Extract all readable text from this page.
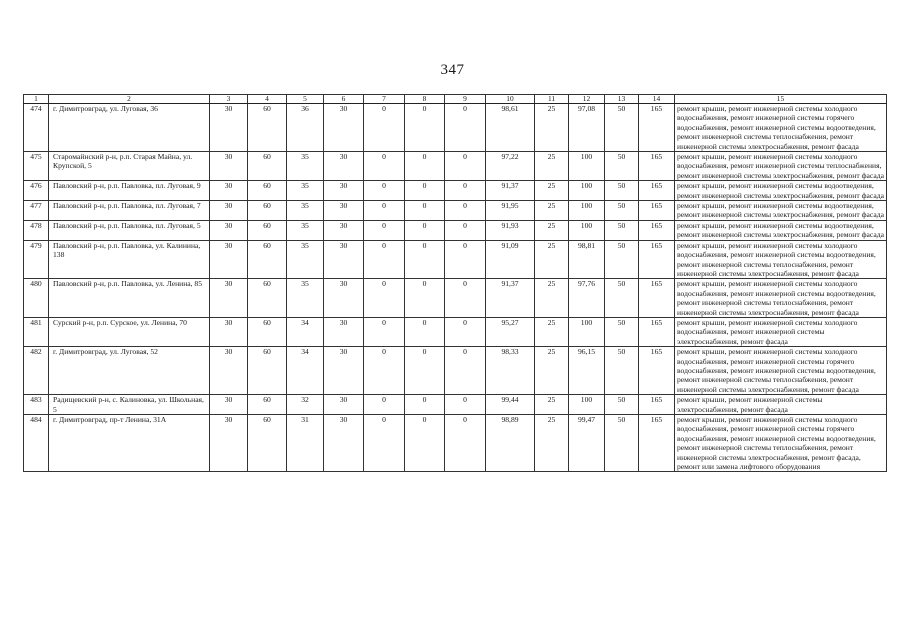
347
1	2	3	4	5	6	7	8	9	10	11	12	13	14	15
474	г. Димитровград, ул. Луговая, 36	30	60	36	30	0	0	0	98,61	25	97,08	50	165	ремонт крыши, ремонт инженерной системы холодного водоснабжения, ремонт инженерной системы горячего водоснабжения, ремонт инженерной системы водоотведения, ремонт инженерной системы теплоснабжения, ремонт инженерной системы электроснабжения, ремонт фасада
475	Старомайнский р-н, р.п. Старая Майна, ул. Крупской, 5	30	60	35	30	0	0	0	97,22	25	100	50	165	ремонт крыши, ремонт инженерной системы холодного водоснабжения, ремонт инженерной системы теплоснабжения, ремонт инженерной системы электроснабжения, ремонт фасада
476	Павловский р-н, р.п. Павловка, пл. Луговая, 9	30	60	35	30	0	0	0	91,37	25	100	50	165	ремонт крыши, ремонт инженерной системы водоотведения, ремонт инженерной системы электроснабжения, ремонт фасада
477	Павловский р-н, р.п. Павловка, пл. Луговая, 7	30	60	35	30	0	0	0	91,95	25	100	50	165	ремонт крыши, ремонт инженерной системы водоотведения, ремонт инженерной системы электроснабжения, ремонт фасада
478	Павловский р-н, р.п. Павловка, пл. Луговая, 5	30	60	35	30	0	0	0	91,93	25	100	50	165	ремонт крыши, ремонт инженерной системы водоотведения, ремонт инженерной системы электроснабжения, ремонт фасада
479	Павловский р-н, р.п. Павловка, ул. Калинина, 138	30	60	35	30	0	0	0	91,09	25	98,81	50	165	ремонт крыши, ремонт инженерной системы холодного водоснабжения, ремонт инженерной системы водоотведения, ремонт инженерной системы теплоснабжения, ремонт инженерной системы электроснабжения, ремонт фасада
480	Павловский р-н, р.п. Павловка, ул. Ленина, 85	30	60	35	30	0	0	0	91,37	25	97,76	50	165	ремонт крыши, ремонт инженерной системы холодного водоснабжения, ремонт инженерной системы водоотведения, ремонт инженерной системы теплоснабжения, ремонт инженерной системы электроснабжения, ремонт фасада
481	Сурский р-н, р.п. Сурское, ул. Ленина, 70	30	60	34	30	0	0	0	95,27	25	100	50	165	ремонт крыши, ремонт инженерной системы холодного водоснабжения, ремонт инженерной системы электроснабжения, ремонт фасада
482	г. Димитровград, ул. Луговая, 52	30	60	34	30	0	0	0	98,33	25	96,15	50	165	ремонт крыши, ремонт инженерной системы холодного водоснабжения, ремонт инженерной системы горячего водоснабжения, ремонт инженерной системы водоотведения, ремонт инженерной системы теплоснабжения, ремонт инженерной системы электроснабжения, ремонт фасада
483	Радищевский р-н, с. Калиновка, ул. Школьная, 5	30	60	32	30	0	0	0	99,44	25	100	50	165	ремонт крыши, ремонт инженерной системы электроснабжения, ремонт фасада
484	г. Димитровград, пр-т Ленина, 31А	30	60	31	30	0	0	0	98,89	25	99,47	50	165	ремонт крыши, ремонт инженерной системы холодного водоснабжения, ремонт инженерной системы горячего водоснабжения, ремонт инженерной системы водоотведения, ремонт инженерной системы теплоснабжения, ремонт инженерной системы электроснабжения, ремонт фасада, ремонт или замена лифтового оборудования
